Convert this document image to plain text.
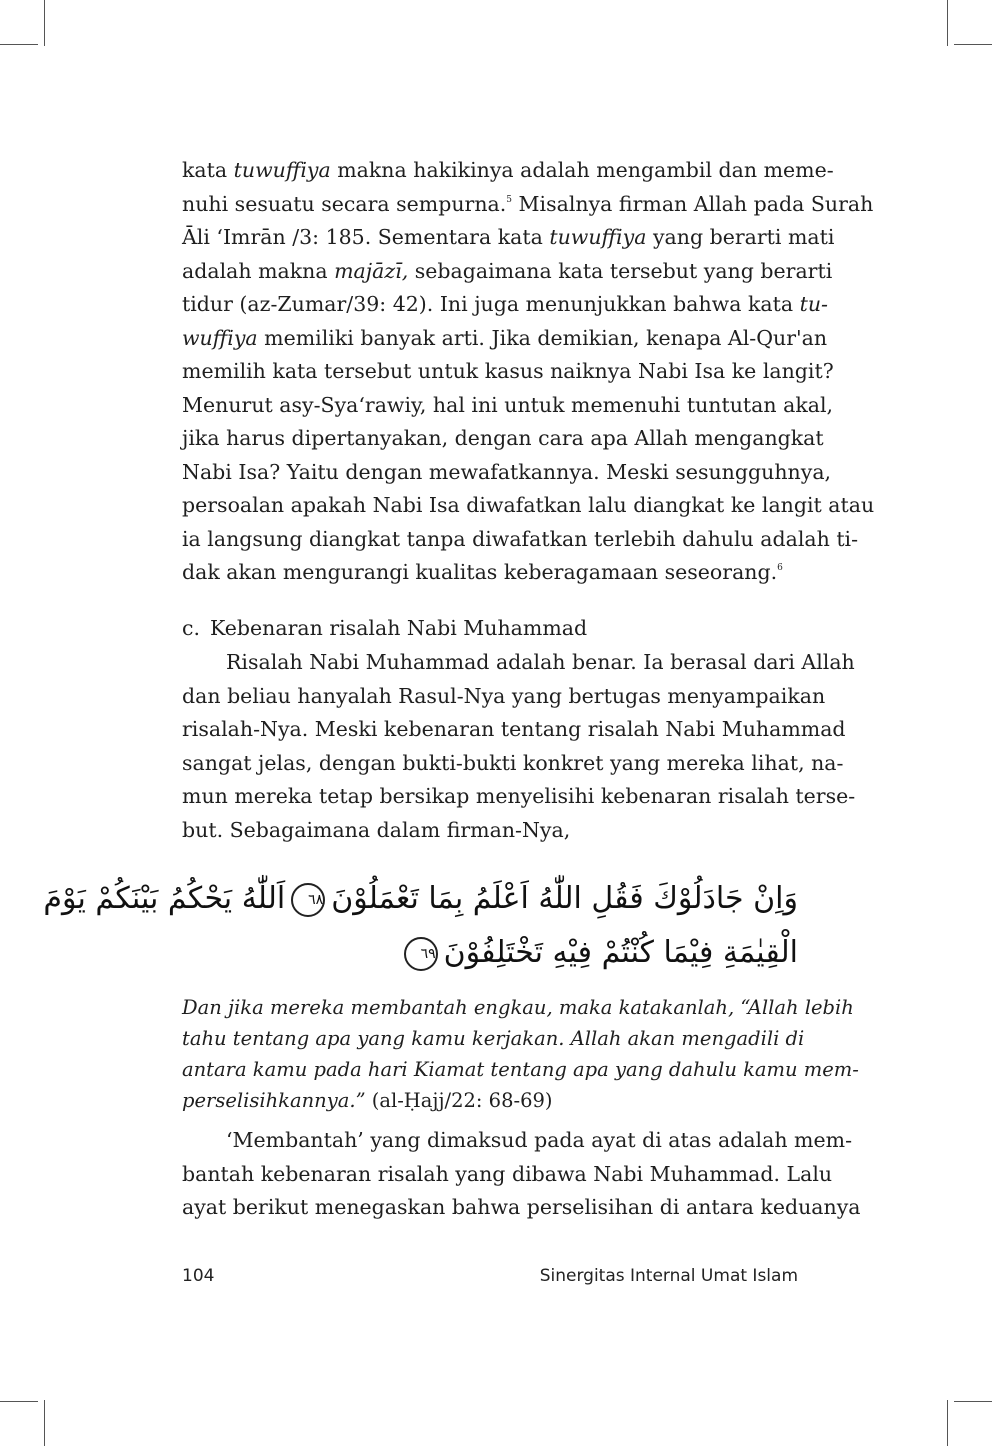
kata tuwuffiya makna hakikinya adalah mengambil dan meme-
nuhi sesuatu secara sempurna.$^5$ Misalnya firman Allah pada Surah
Āli ‘Imrān /3: 185. Sementara kata tuwuffiya yang berarti mati
adalah makna majāzī, sebagaimana kata tersebut yang berarti
tidur (az-Zumar/39: 42). Ini juga menunjukkan bahwa kata tu-
wuffiya memiliki banyak arti. Jika demikian, kenapa Al-Qur'an
memilih kata tersebut untuk kasus naiknya Nabi Isa ke langit?
Menurut asy-Sya‘rawiy, hal ini untuk memenuhi tuntutan akal,
jika harus dipertanyakan, dengan cara apa Allah mengangkat
Nabi Isa? Yaitu dengan mewafatkannya. Meski sesungguhnya,
persoalan apakah Nabi Isa diwafatkan lalu diangkat ke langit atau
ia langsung diangkat tanpa diwafatkan terlebih dahulu adalah ti-
dak akan mengurangi kualitas keberagamaan seseorang.$^6$
c. Kebenaran risalah Nabi Muhammad
Risalah Nabi Muhammad adalah benar. Ia berasal dari Allah
dan beliau hanyalah Rasul-Nya yang bertugas menyampaikan
risalah-Nya. Meski kebenaran tentang risalah Nabi Muhammad
sangat jelas, dengan bukti-bukti konkret yang mereka lihat, na-
mun mereka tetap bersikap menyelisihi kebenaran risalah terse-
but. Sebagaimana dalam firman-Nya,
وَاِنْ جَادَلُوْكَ فَقُلِ اللّٰهُ اَعْلَمُ بِمَا تَعْمَلُوْنَ٦٨اَللّٰهُ يَحْكُمُ بَيْنَكُمْ يَوْمَ
الْقِيٰمَةِ فِيْمَا كُنْتُمْ فِيْهِ تَخْتَلِفُوْنَ٦٩
Dan jika mereka membantah engkau, maka katakanlah, “Allah lebih
tahu tentang apa yang kamu kerjakan. Allah akan mengadili di
antara kamu pada hari Kiamat tentang apa yang dahulu kamu mem-
perselisihkannya.” (al-Ḥajj/22: 68-69)
‘Membantah’ yang dimaksud pada ayat di atas adalah mem-
bantah kebenaran risalah yang dibawa Nabi Muhammad. Lalu
ayat berikut menegaskan bahwa perselisihan di antara keduanya
104	Sinergitas Internal Umat Islam
